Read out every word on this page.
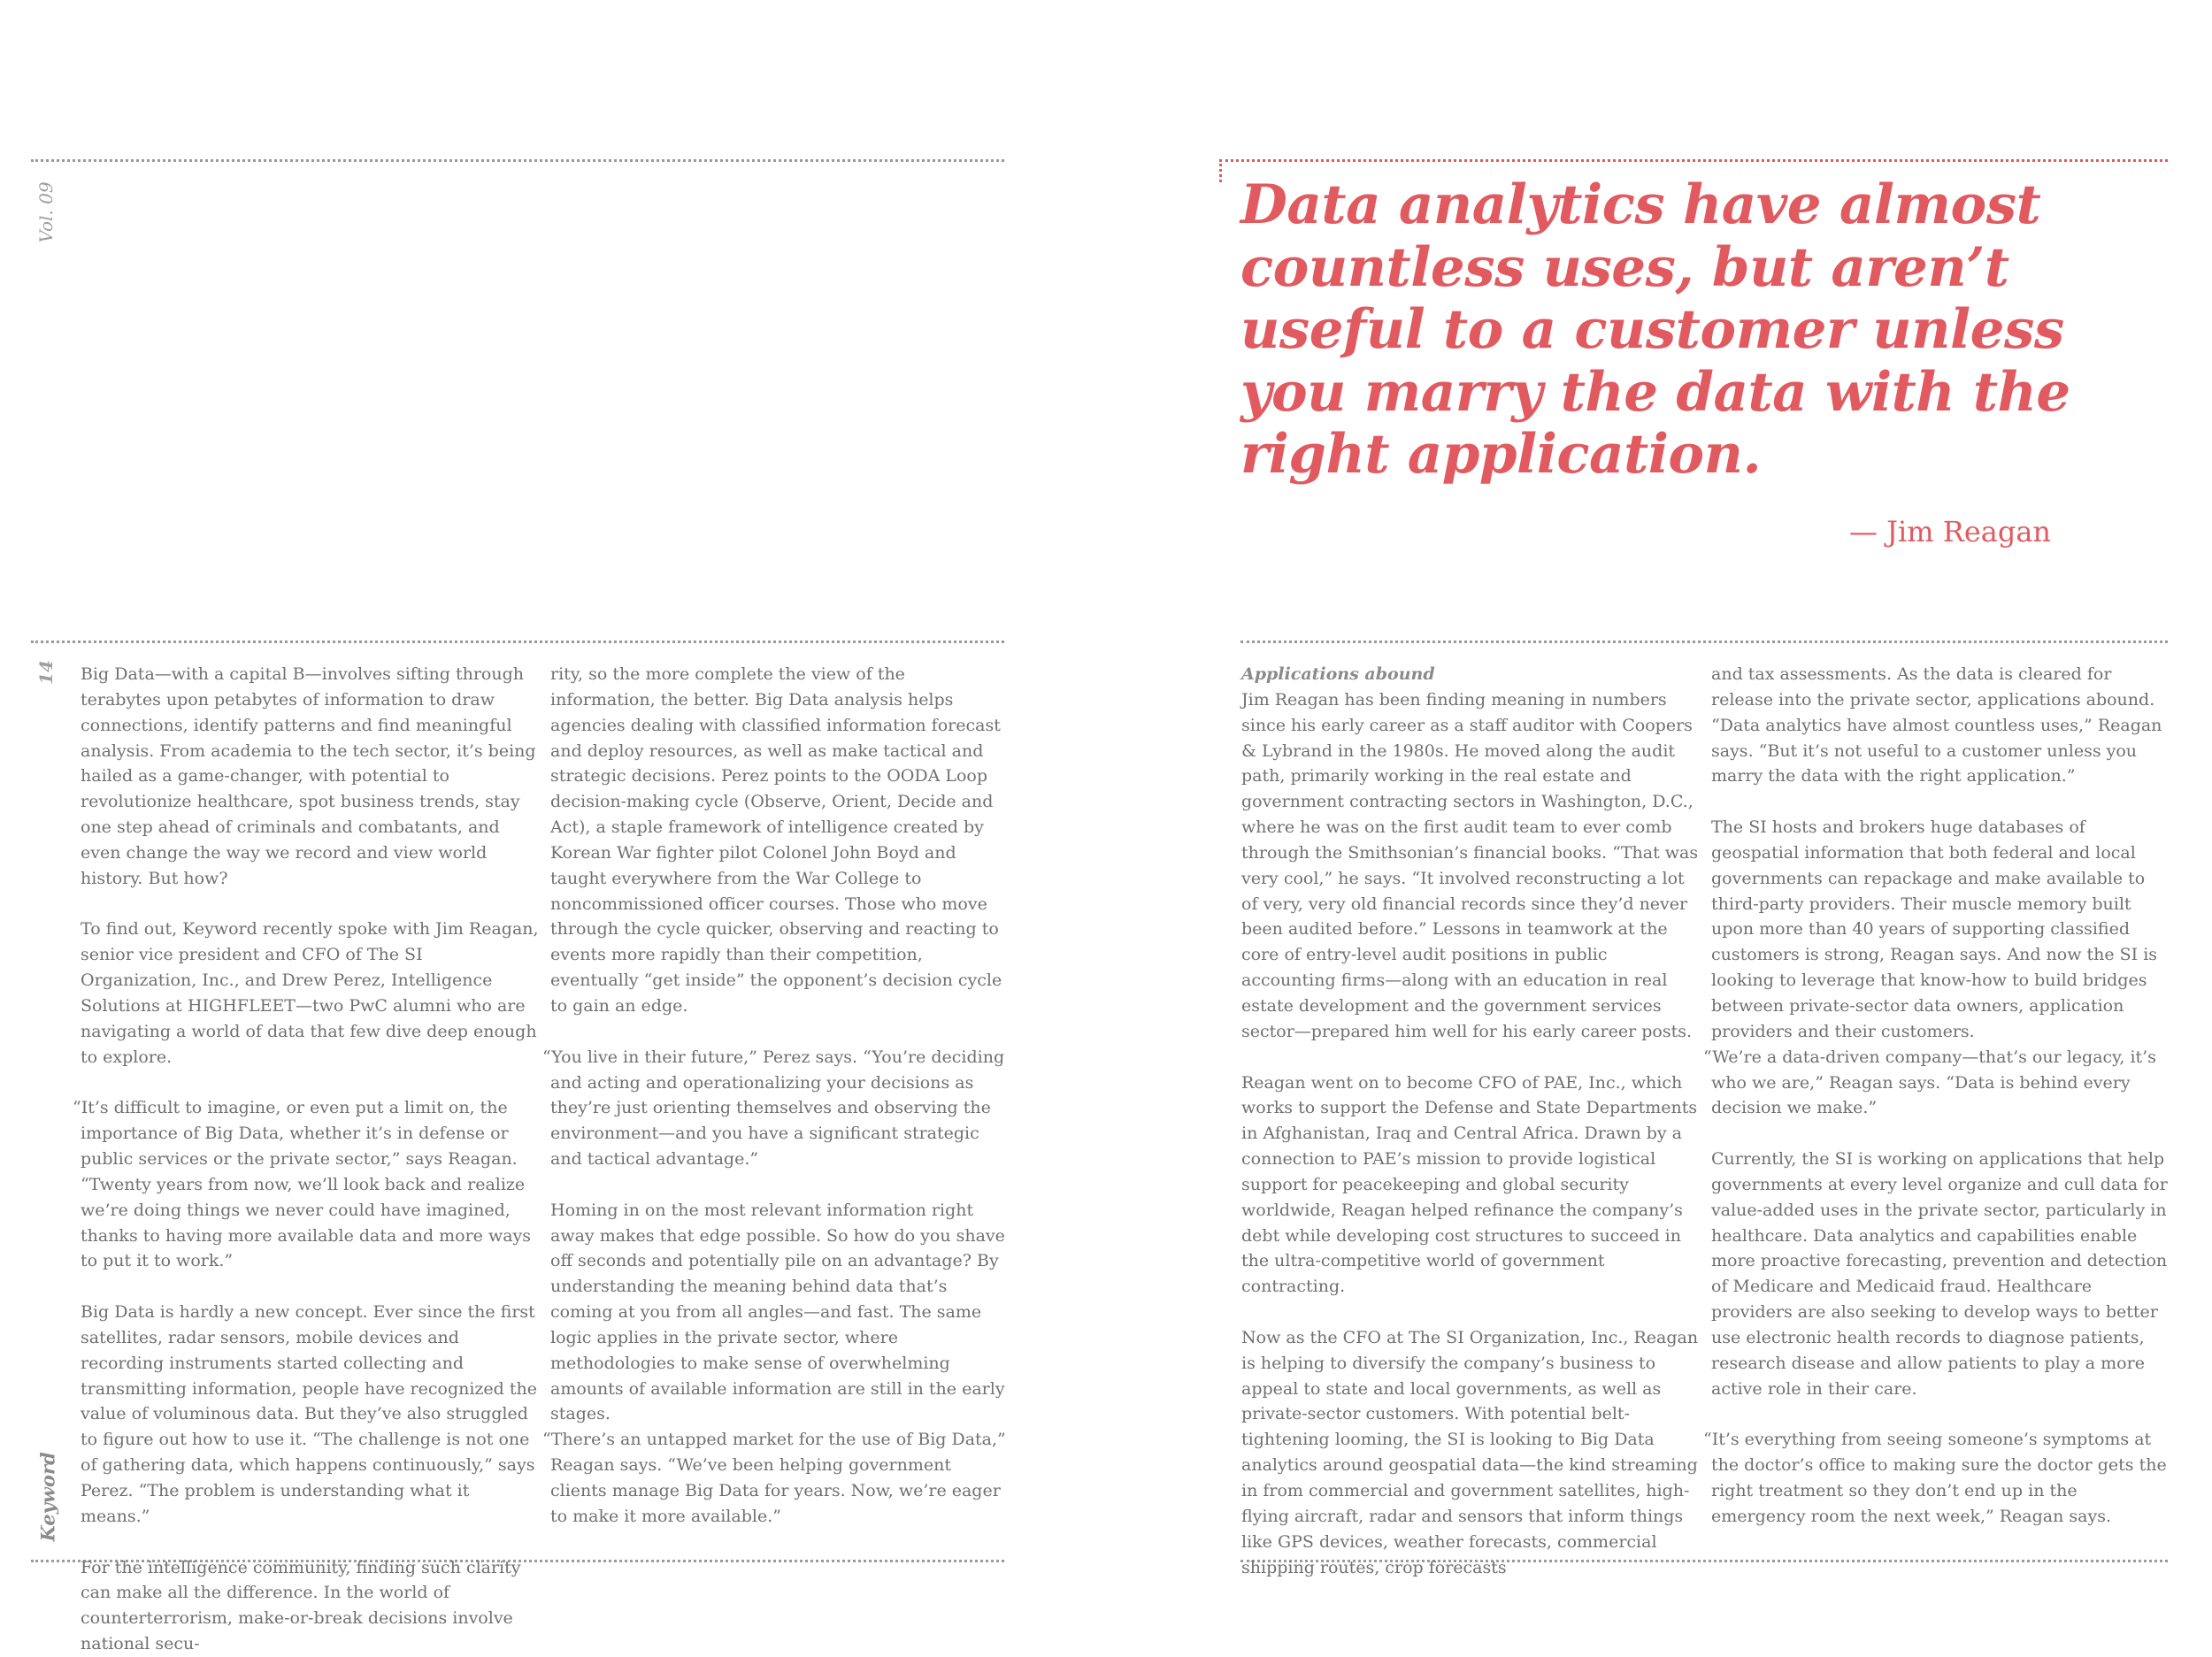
Vol. 09
14
Keyword
Data analytics have almost countless uses, but aren’t useful to a customer unless you marry the data with the right application.
— Jim Reagan

Big Data—with a capital B—involves sifting through terabytes upon petabytes of information to draw connections, identify patterns and find meaningful analysis. From academia to the tech sector, it’s being hailed as a game-changer, with potential to revolutionize healthcare, spot business trends, stay one step ahead of criminals and combatants, and even change the way we record and view world history. But how?

To find out, Keyword recently spoke with Jim Reagan, senior vice president and CFO of The SI Organization, Inc., and Drew Perez, Intelligence Solutions at HIGHFLEET—two PwC alumni who are navigating a world of data that few dive deep enough to explore.

“It’s difficult to imagine, or even put a limit on, the importance of Big Data, whether it’s in defense or public services or the private sector,” says Reagan. “Twenty years from now, we’ll look back and realize we’re doing things we never could have imagined, thanks to having more available data and more ways to put it to work.”

Big Data is hardly a new concept. Ever since the first satellites, radar sensors, mobile devices and recording instruments started collecting and transmitting information, people have recognized the value of voluminous data. But they’ve also struggled to figure out how to use it. “The challenge is not one of gathering data, which happens continuously,” says Perez. “The problem is understanding what it means.”

For the intelligence community, finding such clarity can make all the difference. In the world of counterterrorism, make-or-break decisions involve national secu-

rity, so the more complete the view of the information, the better. Big Data analysis helps agencies dealing with classified information forecast and deploy resources, as well as make tactical and strategic decisions. Perez points to the OODA Loop decision-making cycle (Observe, Orient, Decide and Act), a staple framework of intelligence created by Korean War fighter pilot Colonel John Boyd and taught everywhere from the War College to noncommissioned officer courses. Those who move through the cycle quicker, observing and reacting to events more rapidly than their competition, eventually “get inside” the opponent’s decision cycle to gain an edge.

“You live in their future,” Perez says. “You’re deciding and acting and operationalizing your decisions as they’re just orienting themselves and observing the environment—and you have a significant strategic and tactical advantage.”

Homing in on the most relevant information right away makes that edge possible. So how do you shave off seconds and potentially pile on an advantage? By understanding the meaning behind data that’s coming at you from all angles—and fast. The same logic applies in the private sector, where methodologies to make sense of overwhelming amounts of available information are still in the early stages.

“There’s an untapped market for the use of Big Data,” Reagan says. “We’ve been helping government clients manage Big Data for years. Now, we’re eager to make it more available.”

Applications abound

Jim Reagan has been finding meaning in numbers since his early career as a staff auditor with Coopers & Lybrand in the 1980s. He moved along the audit path, primarily working in the real estate and government contracting sectors in Washington, D.C., where he was on the first audit team to ever comb through the Smithsonian’s financial books. “That was very cool,” he says. “It involved reconstructing a lot of very, very old financial records since they’d never been audited before.” Lessons in teamwork at the core of entry-level audit positions in public accounting firms—along with an education in real estate development and the government services sector—prepared him well for his early career posts.

Reagan went on to become CFO of PAE, Inc., which works to support the Defense and State Departments in Afghanistan, Iraq and Central Africa. Drawn by a connection to PAE’s mission to provide logistical support for peacekeeping and global security worldwide, Reagan helped refinance the company’s debt while developing cost structures to succeed in the ultra-competitive world of government contracting.

Now as the CFO at The SI Organization, Inc., Reagan is helping to diversify the company’s business to appeal to state and local governments, as well as private-sector customers. With potential belt-tightening looming, the SI is looking to Big Data analytics around geospatial data—the kind streaming in from commercial and government satellites, high-flying aircraft, radar and sensors that inform things like GPS devices, weather forecasts, commercial shipping routes, crop forecasts

and tax assessments. As the data is cleared for release into the private sector, applications abound. “Data analytics have almost countless uses,” Reagan says. “But it’s not useful to a customer unless you marry the data with the right application.”

The SI hosts and brokers huge databases of geospatial information that both federal and local governments can repackage and make available to third-party providers. Their muscle memory built upon more than 40 years of supporting classified customers is strong, Reagan says. And now the SI is looking to leverage that know-how to build bridges between private-sector data owners, application providers and their customers.

“We’re a data-driven company—that’s our legacy, it’s who we are,” Reagan says. “Data is behind every decision we make.”

Currently, the SI is working on applications that help governments at every level organize and cull data for value-added uses in the private sector, particularly in healthcare. Data analytics and capabilities enable more proactive forecasting, prevention and detection of Medicare and Medicaid fraud. Healthcare providers are also seeking to develop ways to better use electronic health records to diagnose patients, research disease and allow patients to play a more active role in their care.

“It’s everything from seeing someone’s symptoms at the doctor’s office to making sure the doctor gets the right treatment so they don’t end up in the emergency room the next week,” Reagan says.
